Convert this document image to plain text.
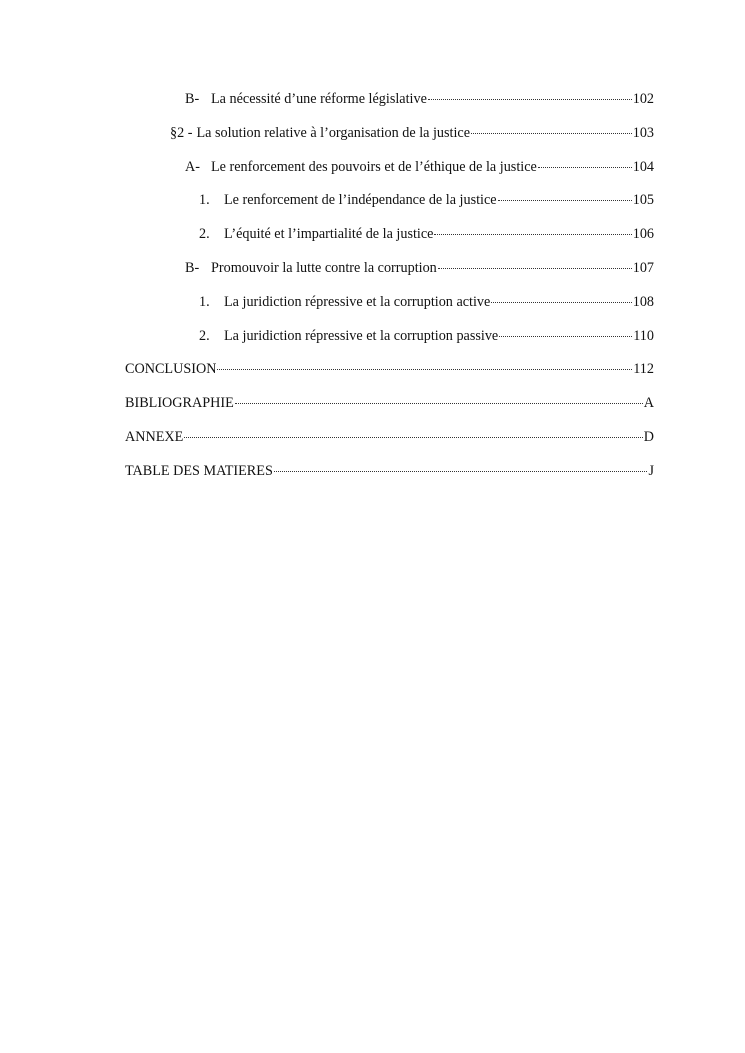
B- La nécessité d’une réforme législative	102
§2 - La solution relative à l’organisation de la justice	103
A- Le renforcement des pouvoirs et de l’éthique de la justice	104
1.	Le renforcement de l’indépendance de la justice	105
2.	L’équité et l’impartialité de la justice	106
B- Promouvoir la lutte contre la corruption	107
1.	La juridiction répressive et la corruption active	108
2.	La juridiction répressive et la corruption passive	110
CONCLUSION	112
BIBLIOGRAPHIE	A
ANNEXE	D
TABLE DES MATIERES	J
